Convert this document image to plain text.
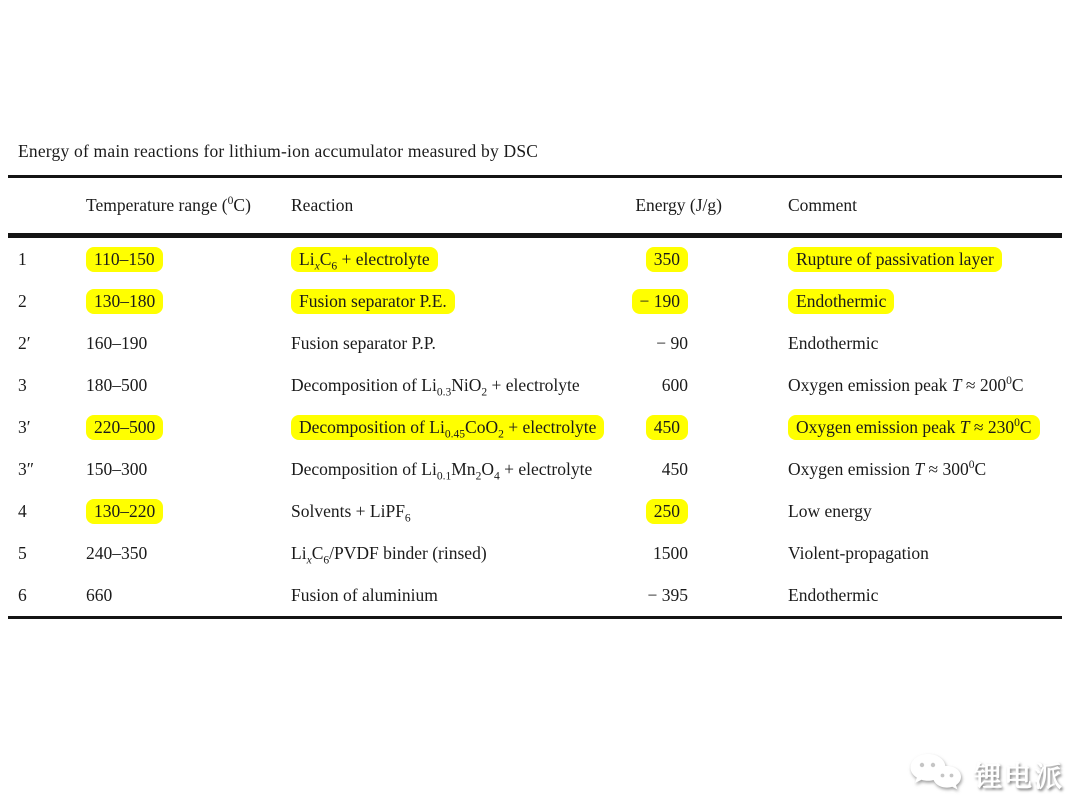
Energy of main reactions for lithium-ion accumulator measured by DSC

	Temperature range ($^0$C)	Reaction	Energy (J/g)	Comment
1	110–150	$Li_xC_6$ + electrolyte	350	Rupture of passivation layer
2	130–180	Fusion separator P.E.	− 190	Endothermic
2′	160–190	Fusion separator P.P.	− 90	Endothermic
3	180–500	Decomposition of $Li_{0.3}NiO_2$ + electrolyte	600	Oxygen emission peak $T \approx 200^0C$
3′	220–500	Decomposition of $Li_{0.45}CoO_2$ + electrolyte	450	Oxygen emission peak $T \approx 230^0C$
3″	150–300	Decomposition of $Li_{0.1}Mn_2O_4$ + electrolyte	450	Oxygen emission $T \approx 300^0C$
4	130–220	Solvents + LiPF$_6$	250	Low energy
5	240–350	$Li_xC_6$/PVDF binder (rinsed)	1500	Violent-propagation
6	660	Fusion of aluminium	− 395	Endothermic
锂电派
